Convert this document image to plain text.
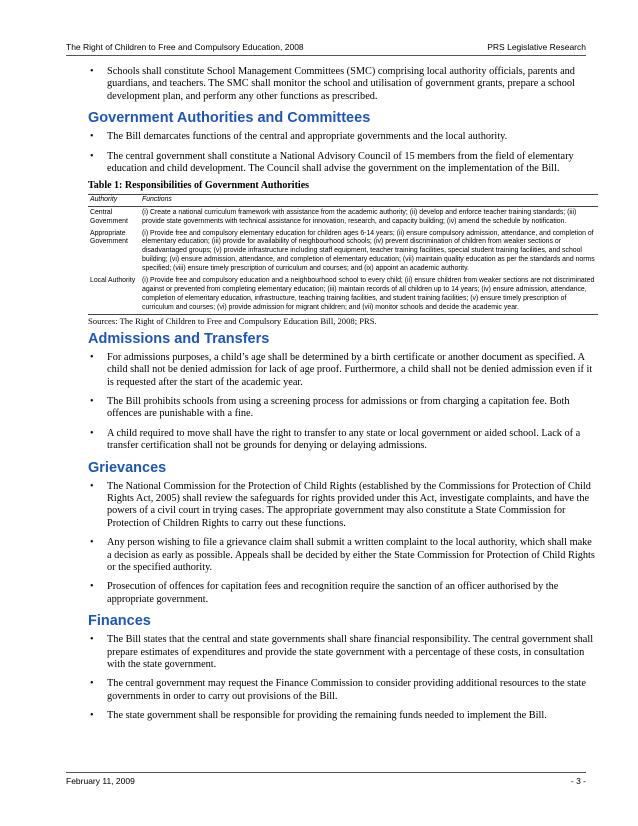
The Right of Children to Free and Compulsory Education, 2008	PRS Legislative Research
• Schools shall constitute School Management Committees (SMC) comprising local authority officials, parents and guardians, and teachers. The SMC shall monitor the school and utilisation of government grants, prepare a school development plan, and perform any other functions as prescribed.
Government Authorities and Committees
• The Bill demarcates functions of the central and appropriate governments and the local authority.
• The central government shall constitute a National Advisory Council of 15 members from the field of elementary education and child development. The Council shall advise the government on the implementation of the Bill.
Table 1: Responsibilities of Government Authorities
Authority	Functions
Central Government	(i) Create a national curriculum framework with assistance from the academic authority; (ii) develop and enforce teacher training standards; (iii) provide state governments with technical assistance for innovation, research, and capacity building; (iv) amend the schedule by notification.
Appropriate Government	(i) Provide free and compulsory elementary education for children ages 6-14 years; (ii) ensure compulsory admission, attendance, and completion of elementary education; (iii) provide for availability of neighbourhood schools; (iv) prevent discrimination of children from weaker sections or disadvantaged groups; (v) provide infrastructure including staff equipment, teacher training facilities, special student training facilities, and school building; (vi) ensure admission, attendance, and completion of elementary education; (vii) maintain quality education as per the standards and norms specified; (viii) ensure timely prescription of curriculum and courses; and (ix) appoint an academic authority.
Local Authority	(i) Provide free and compulsory education and a neighbourhood school to every child; (ii) ensure children from weaker sections are not discriminated against or prevented from completing elementary education; (iii) maintain records of all children up to 14 years; (iv) ensure admission, attendance, completion of elementary education, infrastructure, teaching training facilities, and student training facilities; (v) ensure timely prescription of curriculum and courses; (vi) provide admission for migrant children; and (vii) monitor schools and decide the academic year.
Sources: The Right of Children to Free and Compulsory Education Bill, 2008; PRS.
Admissions and Transfers
• For admissions purposes, a child’s age shall be determined by a birth certificate or another document as specified. A child shall not be denied admission for lack of age proof. Furthermore, a child shall not be denied admission even if it is requested after the start of the academic year.
• The Bill prohibits schools from using a screening process for admissions or from charging a capitation fee. Both offences are punishable with a fine.
• A child required to move shall have the right to transfer to any state or local government or aided school. Lack of a transfer certification shall not be grounds for denying or delaying admissions.
Grievances
• The National Commission for the Protection of Child Rights (established by the Commissions for Protection of Child Rights Act, 2005) shall review the safeguards for rights provided under this Act, investigate complaints, and have the powers of a civil court in trying cases. The appropriate government may also constitute a State Commission for Protection of Children Rights to carry out these functions.
• Any person wishing to file a grievance claim shall submit a written complaint to the local authority, which shall make a decision as early as possible. Appeals shall be decided by either the State Commission for Protection of Child Rights or the specified authority.
• Prosecution of offences for capitation fees and recognition require the sanction of an officer authorised by the appropriate government.
Finances
• The Bill states that the central and state governments shall share financial responsibility. The central government shall prepare estimates of expenditures and provide the state government with a percentage of these costs, in consultation with the state government.
• The central government may request the Finance Commission to consider providing additional resources to the state governments in order to carry out provisions of the Bill.
• The state government shall be responsible for providing the remaining funds needed to implement the Bill.
February 11, 2009	- 3 -
